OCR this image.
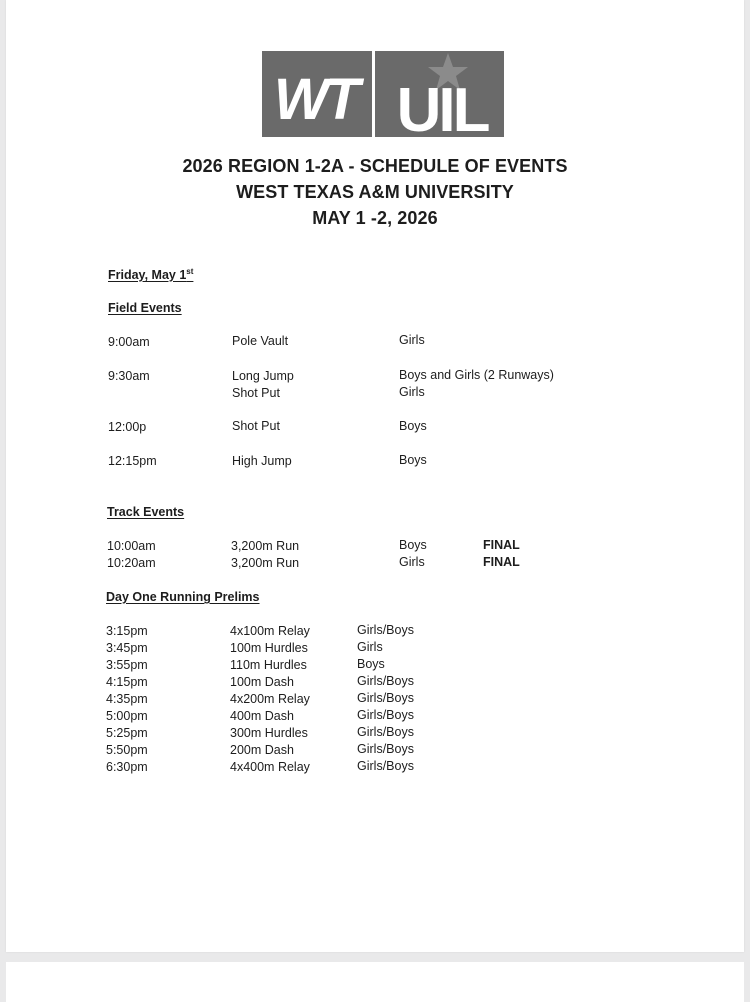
WT UIL
2026 REGION 1-2A - SCHEDULE OF EVENTS
WEST TEXAS A&M UNIVERSITY
MAY 1 -2, 2026
Friday, May 1st
Field Events
9:00am	Pole Vault	Girls
9:30am	Long Jump	Boys and Girls (2 Runways)
Shot Put	Girls
12:00p	Shot Put	Boys
12:15pm	High Jump	Boys
Track Events
10:00am	3,200m Run	Boys	FINAL
10:20am	3,200m Run	Girls	FINAL
Day One Running Prelims
3:15pm	4x100m Relay	Girls/Boys
3:45pm	100m Hurdles	Girls
3:55pm	110m Hurdles	Boys
4:15pm	100m Dash	Girls/Boys
4:35pm	4x200m Relay	Girls/Boys
5:00pm	400m Dash	Girls/Boys
5:25pm	300m Hurdles	Girls/Boys
5:50pm	200m Dash	Girls/Boys
6:30pm	4x400m Relay	Girls/Boys
